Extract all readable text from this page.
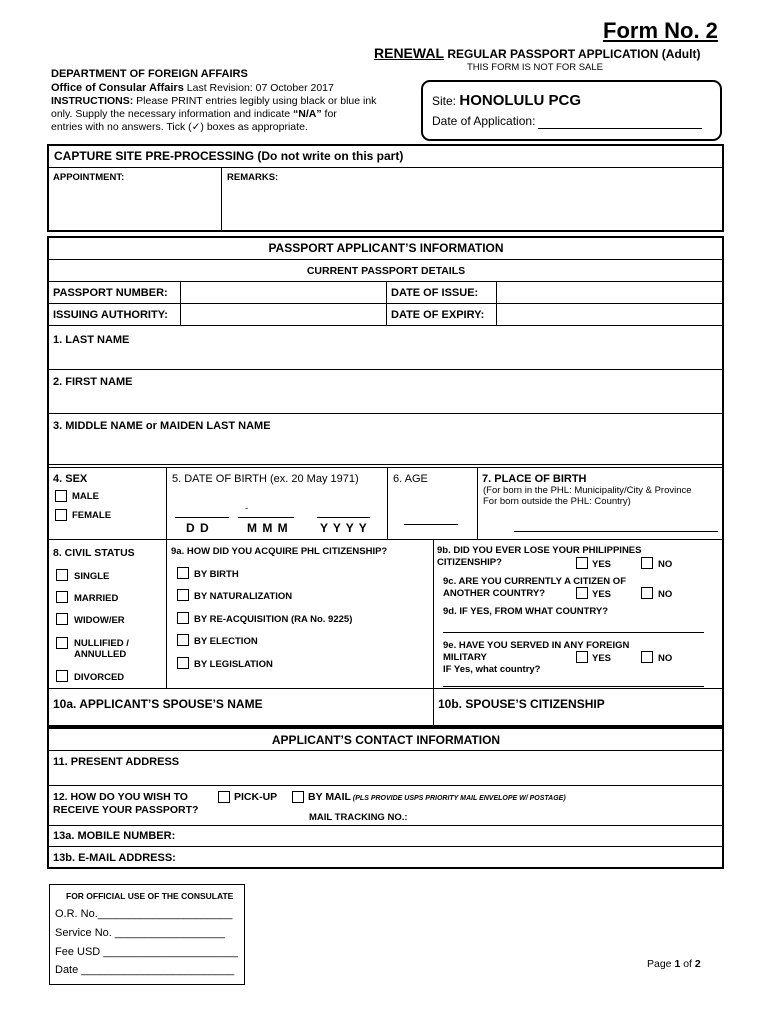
Form No. 2
RENEWAL REGULAR PASSPORT APPLICATION (Adult)
THIS FORM IS NOT FOR SALE
DEPARTMENT OF FOREIGN AFFAIRS
Office of Consular Affairs Last Revision: 07 October 2017
INSTRUCTIONS: Please PRINT entries legibly using black or blue ink
only. Supply the necessary information and indicate “N/A” for
entries with no answers. Tick (✓) boxes as appropriate.
Site: HONOLULU PCG
Date of Application:
CAPTURE SITE PRE-PROCESSING (Do not write on this part)
APPOINTMENT:	REMARKS:
PASSPORT APPLICANT’S INFORMATION
CURRENT PASSPORT DETAILS
PASSPORT NUMBER:	DATE OF ISSUE:
ISSUING AUTHORITY:	DATE OF EXPIRY:
1. LAST NAME
2. FIRST NAME
3. MIDDLE NAME or MAIDEN LAST NAME
4. SEX
MALE
FEMALE
5. DATE OF BIRTH (ex. 20 May 1971)
-
D D	M M M	Y Y Y Y
6. AGE	7. PLACE OF BIRTH
(For born in the PHL: Municipality/City & Province
For born outside the PHL: Country)
8. CIVIL STATUS
SINGLE
MARRIED
WIDOW/ER
NULLIFIED /
ANNULLED
DIVORCED
9a. HOW DID YOU ACQUIRE PHL CITIZENSHIP?
BY BIRTH
BY NATURALIZATION
BY RE-ACQUISITION (RA No. 9225)
BY ELECTION
BY LEGISLATION
9b. DID YOU EVER LOSE YOUR PHILIPPINES
CITIZENSHIP?	YES	NO
9c. ARE YOU CURRENTLY A CITIZEN OF
ANOTHER COUNTRY?	YES	NO
9d. IF YES, FROM WHAT COUNTRY?
9e. HAVE YOU SERVED IN ANY FOREIGN
MILITARY	YES	NO
IF Yes, what country?
10a. APPLICANT’S SPOUSE’S NAME	10b. SPOUSE’S CITIZENSHIP
APPLICANT’S CONTACT INFORMATION
11. PRESENT ADDRESS
12. HOW DO YOU WISH TO
RECEIVE YOUR PASSPORT?
PICK-UP	BY MAIL (PLS PROVIDE USPS PRIORITY MAIL ENVELOPE W/ POSTAGE)
MAIL TRACKING NO.:
13a. MOBILE NUMBER:
13b. E-MAIL ADDRESS:
FOR OFFICIAL USE OF THE CONSULATE
O.R. No.______________________
Service No. __________________
Fee USD ______________________
Date _________________________	Page 1 of 2
